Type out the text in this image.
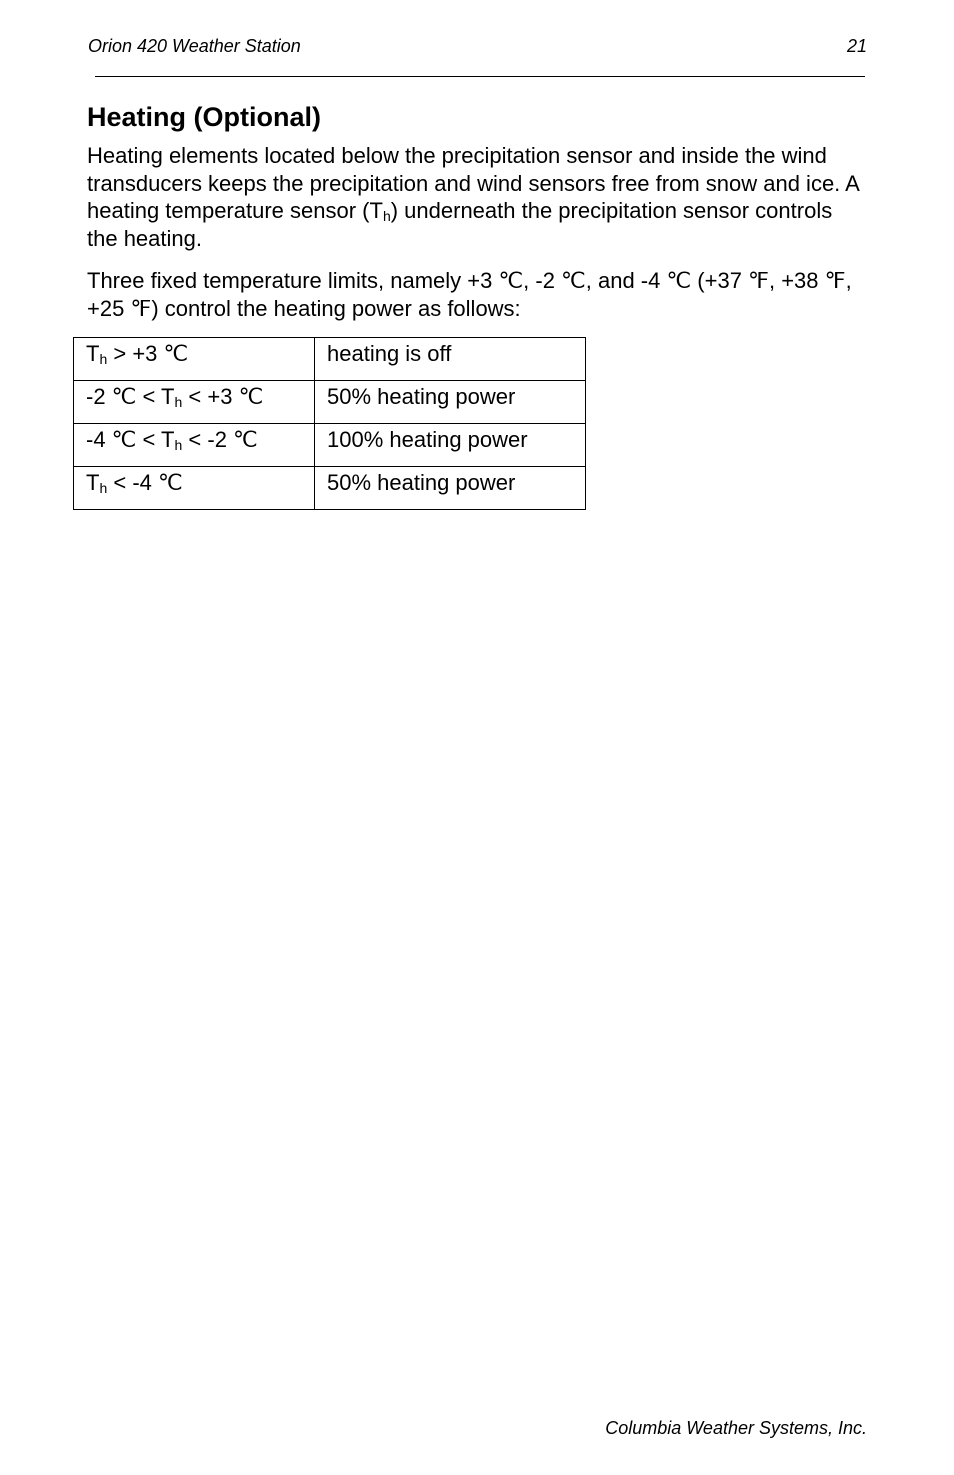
Orion 420 Weather Station	21
Heating (Optional)

Heating elements located below the precipitation sensor and inside the wind transducers keeps the precipitation and wind sensors free from snow and ice. A heating temperature sensor $(T_h)$ underneath the precipitation sensor controls the heating.

Three fixed temperature limits, namely +3 ℃, -2 ℃, and -4 ℃ (+37 ℉, +38 ℉, +25 ℉) control the heating power as follows:

$T_h > +3$ ℃	heating is off
-2 ℃ < $T_h < +3$ ℃	50% heating power
-4 ℃ < $T_h < -2$ ℃	100% heating power
$T_h < -4$ ℃	50% heating power
Columbia Weather Systems, Inc.
